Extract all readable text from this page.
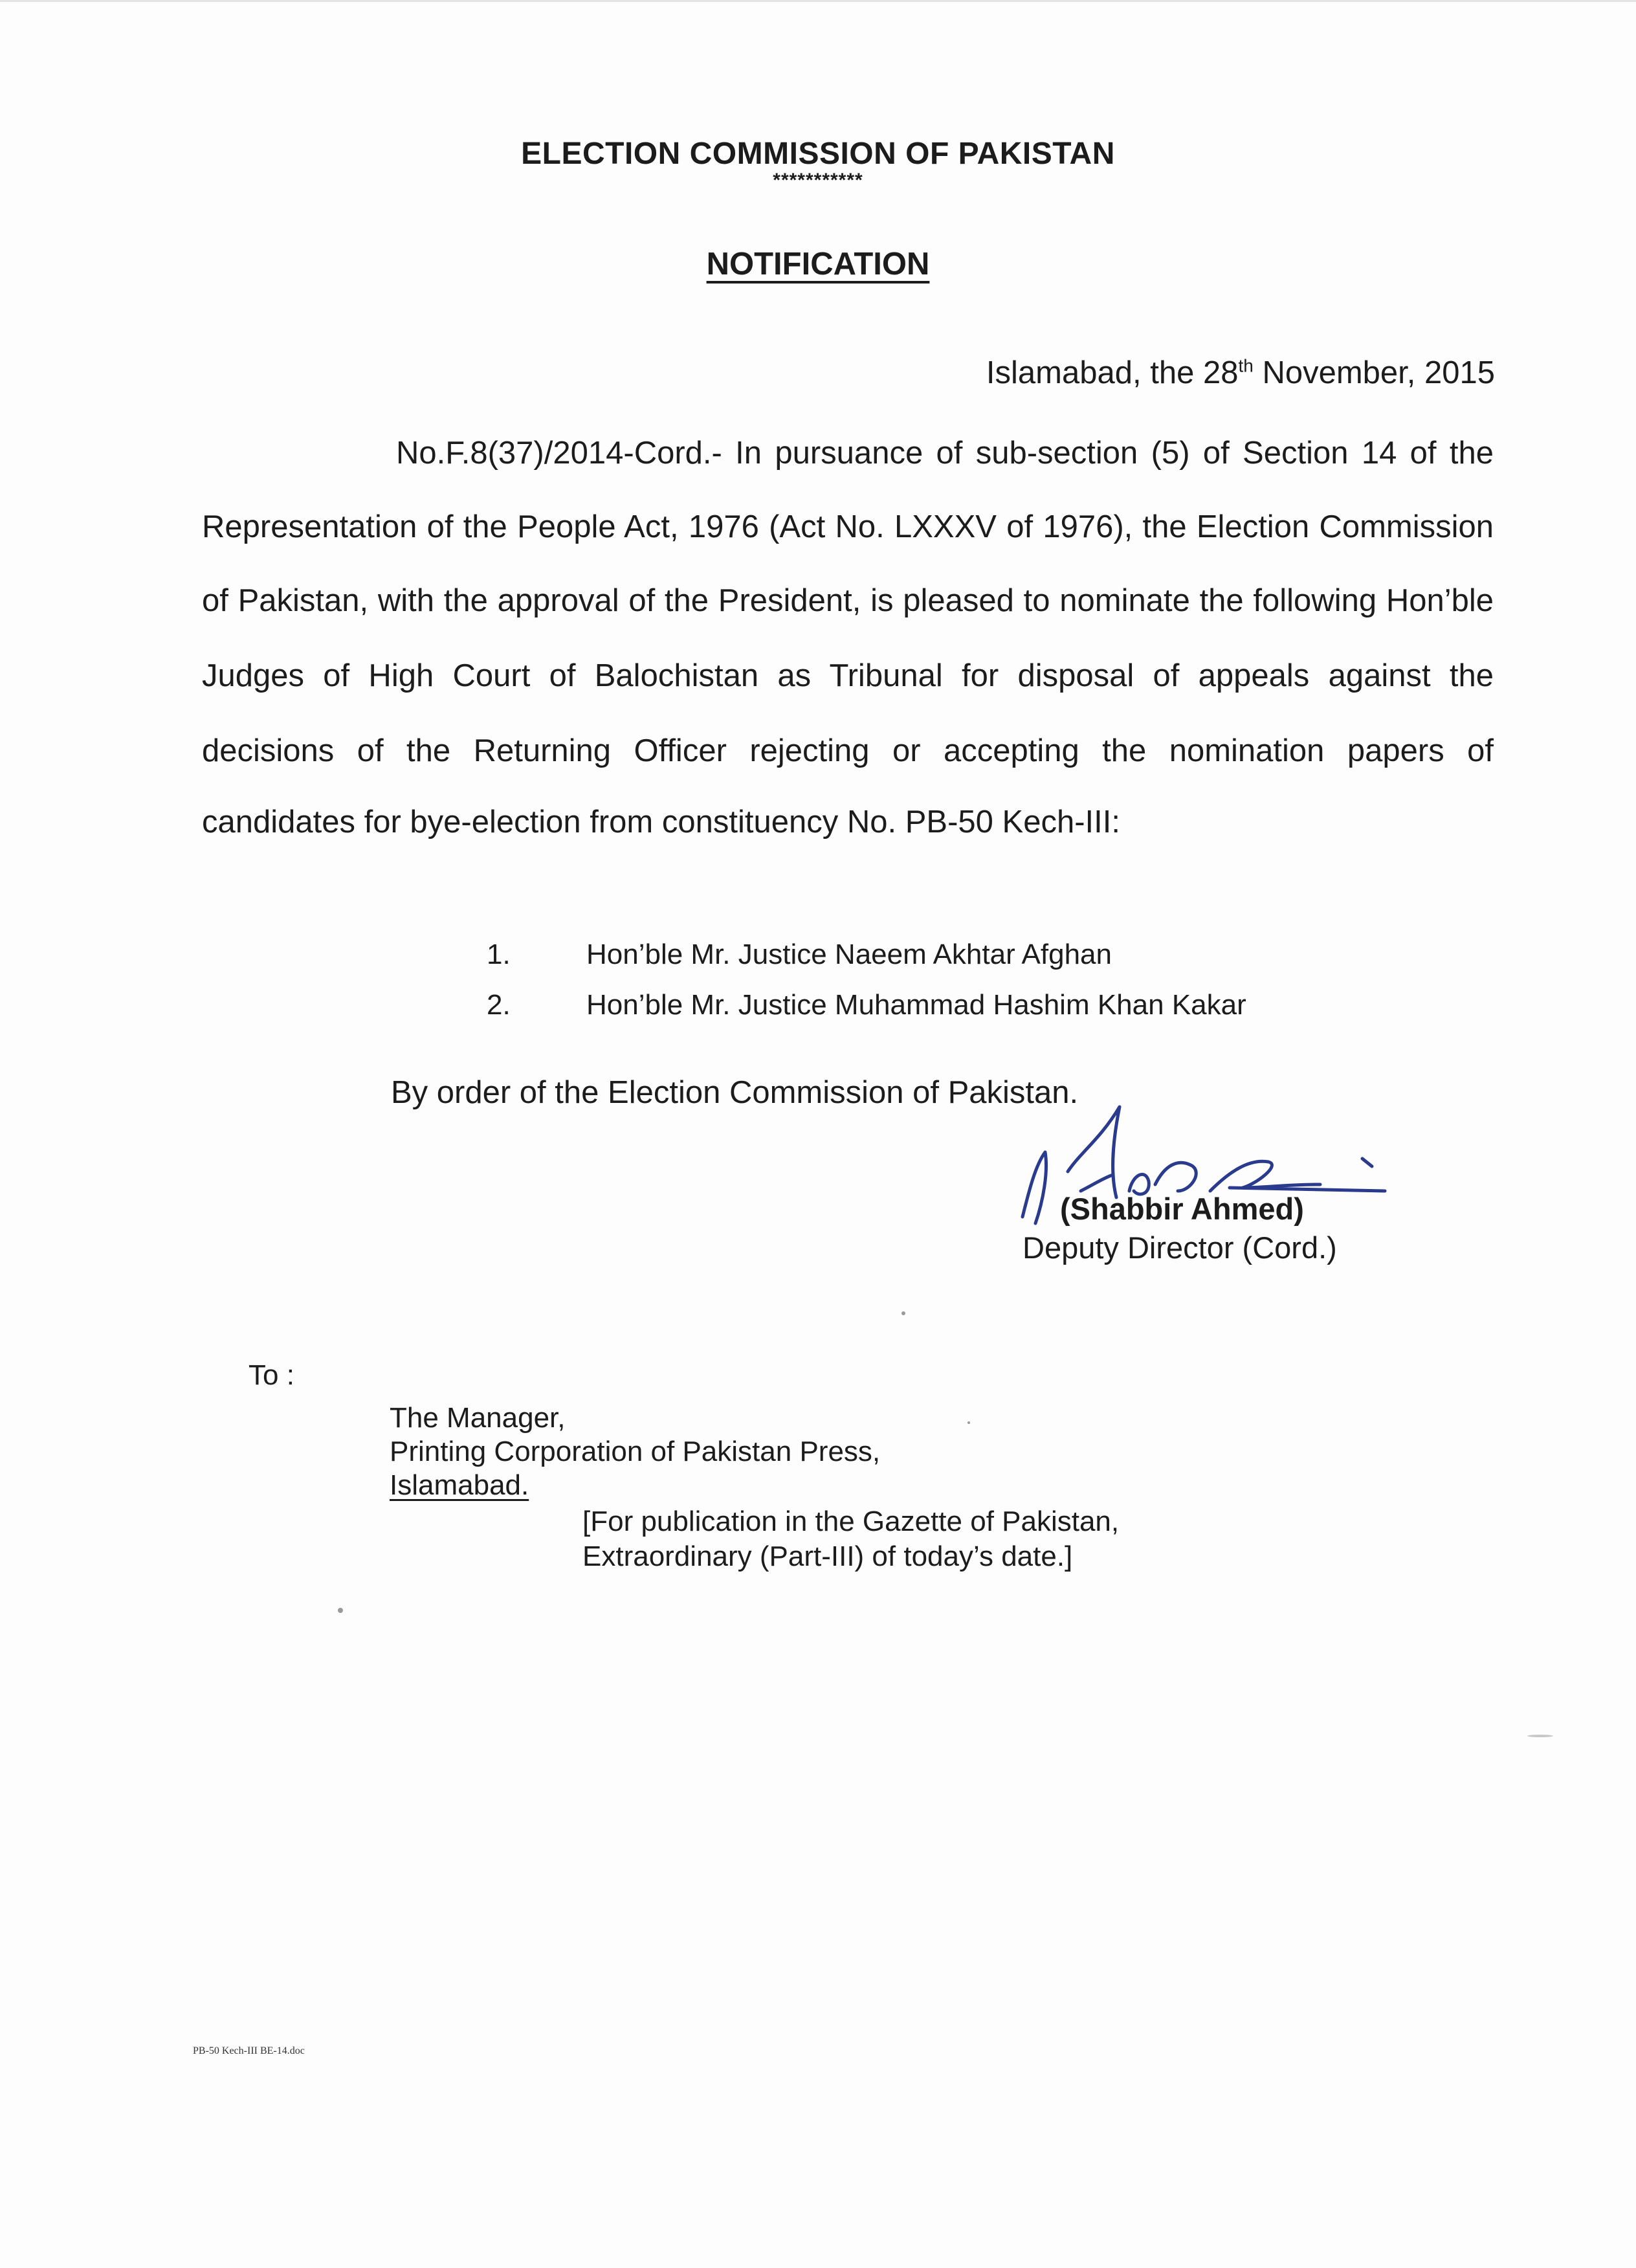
ELECTION COMMISSION OF PAKISTAN
***********
NOTIFICATION
Islamabad, the 28th November, 2015
No.F.8(37)/2014-Cord.- In pursuance of sub-section (5) of Section 14 of the
Representation of the People Act, 1976 (Act No. LXXXV of 1976), the Election Commission
of Pakistan, with the approval of the President, is pleased to nominate the following Hon’ble
Judges of High Court of Balochistan as Tribunal for disposal of appeals against the
decisions of the Returning Officer rejecting or accepting the nomination papers of
candidates for bye-election from constituency No. PB-50 Kech-III:
1.	Hon’ble Mr. Justice Naeem Akhtar Afghan
2.	Hon’ble Mr. Justice Muhammad Hashim Khan Kakar
By order of the Election Commission of Pakistan.
(Shabbir Ahmed)
Deputy Director (Cord.)
To :
The Manager,
Printing Corporation of Pakistan Press,
Islamabad.
[For publication in the Gazette of Pakistan,
Extraordinary (Part-III) of today’s date.]
PB-50 Kech-III BE-14.doc
